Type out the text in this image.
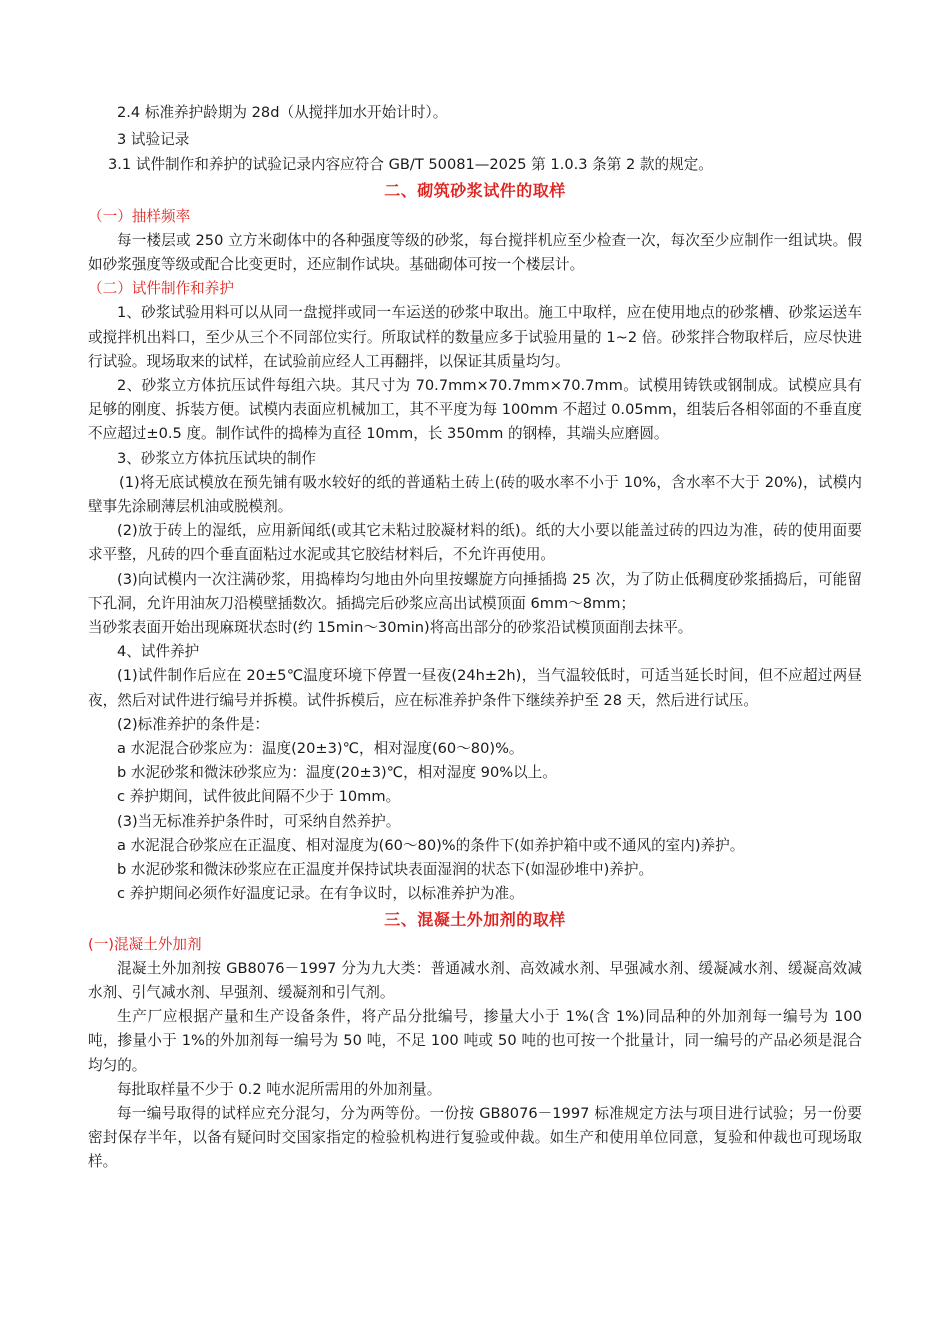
2.4 标准养护龄期为 28d（从搅拌加水开始计时）。

3 试验记录

3.1 试件制作和养护的试验记录内容应符合 GB/T 50081—2025 第 1.0.3 条第 2 款的规定。

二、砌筑砂浆试件的取样

（一）抽样频率

每一楼层或 250 立方米砌体中的各种强度等级的砂浆，每台搅拌机应至少检查一次，每次至少应制作一组试块。假如砂浆强度等级或配合比变更时，还应制作试块。基础砌体可按一个楼层计。

（二）试件制作和养护

1、砂浆试验用料可以从同一盘搅拌或同一车运送的砂浆中取出。施工中取样，应在使用地点的砂浆槽、砂浆运送车或搅拌机出料口，至少从三个不同部位实行。所取试样的数量应多于试验用量的 1~2 倍。砂浆拌合物取样后，应尽快进行试验。现场取来的试样，在试验前应经人工再翻拌，以保证其质量均匀。

2、砂浆立方体抗压试件每组六块。其尺寸为 70.7mm×70.7mm×70.7mm。试模用铸铁或钢制成。试模应具有足够的刚度、拆装方便。试模内表面应机械加工，其不平度为每 100mm 不超过 0.05mm，组装后各相邻面的不垂直度不应超过±0.5 度。制作试件的捣棒为直径 10mm，长 350mm 的钢棒，其端头应磨圆。

3、砂浆立方体抗压试块的制作

(1)将无底试模放在预先铺有吸水较好的纸的普通粘土砖上(砖的吸水率不小于 10%，含水率不大于 20%)，试模内壁事先涂刷薄层机油或脱模剂。

(2)放于砖上的湿纸，应用新闻纸(或其它未粘过胶凝材料的纸)。纸的大小要以能盖过砖的四边为准，砖的使用面要求平整，凡砖的四个垂直面粘过水泥或其它胶结材料后，不允许再使用。

(3)向试模内一次注满砂浆，用捣棒均匀地由外向里按螺旋方向捶插捣 25 次，为了防止低稠度砂浆插捣后，可能留下孔洞，允许用油灰刀沿模壁插数次。插捣完后砂浆应高出试模顶面 6mm～8mm；

当砂浆表面开始出现麻斑状态时(约 15min～30min)将高出部分的砂浆沿试模顶面削去抹平。

4、试件养护

(1)试件制作后应在 20±5℃温度环境下停置一昼夜(24h±2h)，当气温较低时，可适当延长时间，但不应超过两昼夜，然后对试件进行编号并拆模。试件拆模后，应在标准养护条件下继续养护至 28 天，然后进行试压。

(2)标准养护的条件是：

a 水泥混合砂浆应为：温度(20±3)℃，相对湿度(60～80)%。

b 水泥砂浆和微沫砂浆应为：温度(20±3)℃，相对湿度 90%以上。

c 养护期间，试件彼此间隔不少于 10mm。

(3)当无标准养护条件时，可采纳自然养护。

a 水泥混合砂浆应在正温度、相对湿度为(60～80)%的条件下(如养护箱中或不通风的室内)养护。

b 水泥砂浆和微沫砂浆应在正温度并保持试块表面湿润的状态下(如湿砂堆中)养护。

c 养护期间必须作好温度记录。在有争议时，以标准养护为准。

三、混凝土外加剂的取样

(一)混凝土外加剂

混凝土外加剂按 GB8076－1997 分为九大类：普通减水剂、高效减水剂、早强减水剂、缓凝减水剂、缓凝高效减水剂、引气减水剂、早强剂、缓凝剂和引气剂。

生产厂应根据产量和生产设备条件，将产品分批编号，掺量大小于 1%(含 1%)同品种的外加剂每一编号为 100 吨，掺量小于 1%的外加剂每一编号为 50 吨，不足 100 吨或 50 吨的也可按一个批量计，同一编号的产品必须是混合均匀的。

每批取样量不少于 0.2 吨水泥所需用的外加剂量。

每一编号取得的试样应充分混匀，分为两等份。一份按 GB8076－1997 标准规定方法与项目进行试验；另一份要密封保存半年，以备有疑问时交国家指定的检验机构进行复验或仲裁。如生产和使用单位同意，复验和仲裁也可现场取样。
